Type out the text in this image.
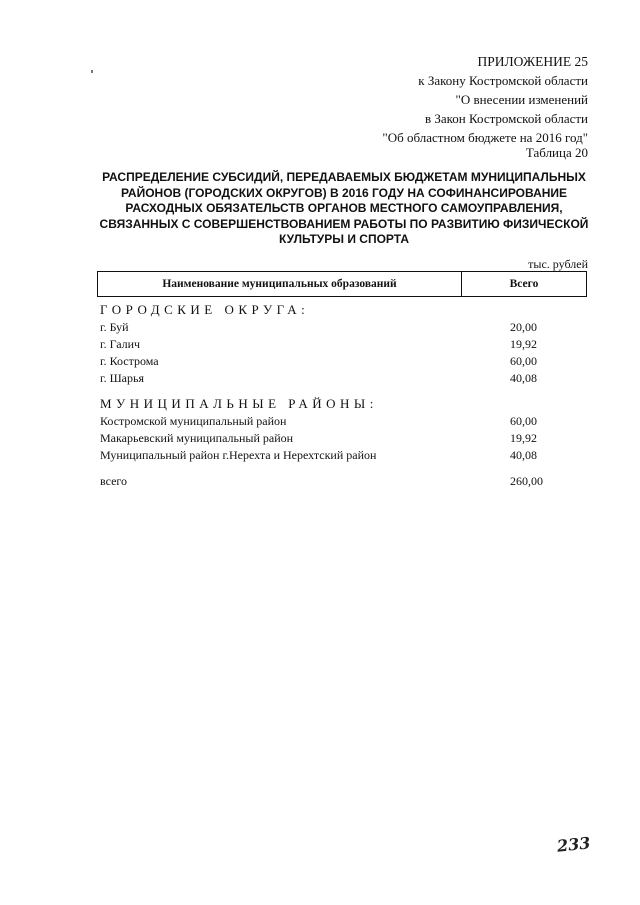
ПРИЛОЖЕНИЕ 25
к Закону Костромской области
"О внесении изменений
в Закон Костромской области
"Об областном бюджете на 2016 год"
Таблица 20
РАСПРЕДЕЛЕНИЕ СУБСИДИЙ, ПЕРЕДАВАЕМЫХ БЮДЖЕТАМ МУНИЦИПАЛЬНЫХ
РАЙОНОВ (ГОРОДСКИХ ОКРУГОВ) В 2016 ГОДУ НА СОФИНАНСИРОВАНИЕ
РАСХОДНЫХ ОБЯЗАТЕЛЬСТВ ОРГАНОВ МЕСТНОГО САМОУПРАВЛЕНИЯ,
СВЯЗАННЫХ С СОВЕРШЕНСТВОВАНИЕМ РАБОТЫ ПО РАЗВИТИЮ ФИЗИЧЕСКОЙ
КУЛЬТУРЫ И СПОРТА
тыс. рублей
Наименование муниципальных образований	Всего
ГОРОДСКИЕ ОКРУГА:
г. Буй	20,00
г. Галич	19,92
г. Кострома	60,00
г. Шарья	40,08
МУНИЦИПАЛЬНЫЕ РАЙОНЫ:
Костромской муниципальный район	60,00
Макарьевский муниципальный район	19,92
Муниципальный район г.Нерехта и Нерехтский район	40,08
всего	260,00
233
